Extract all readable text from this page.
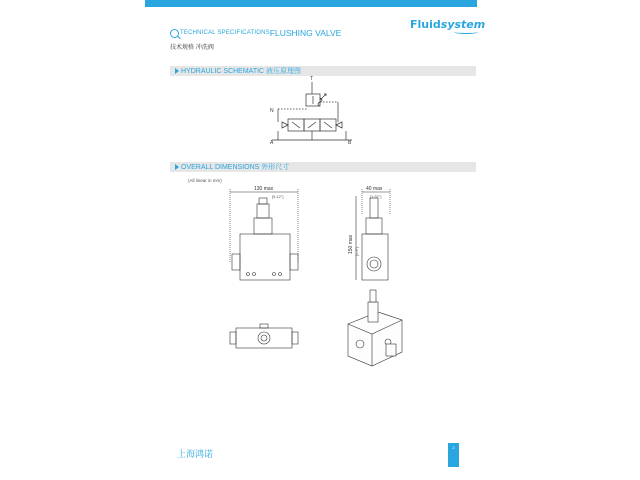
TECHNICAL SPECIFICATIONS FLUSHING VALVE
技术规格 冲洗阀
Fluidsystem
HYDRAULIC SCHEMATIC 液压原理图
T
N
A	B
OVERALL DIMENSIONS 外形尺寸
(All linear in mm)
130 max
[5.12"]
40 max
[1.57"]
150 max [5.9"]
上海鸿诺
2
